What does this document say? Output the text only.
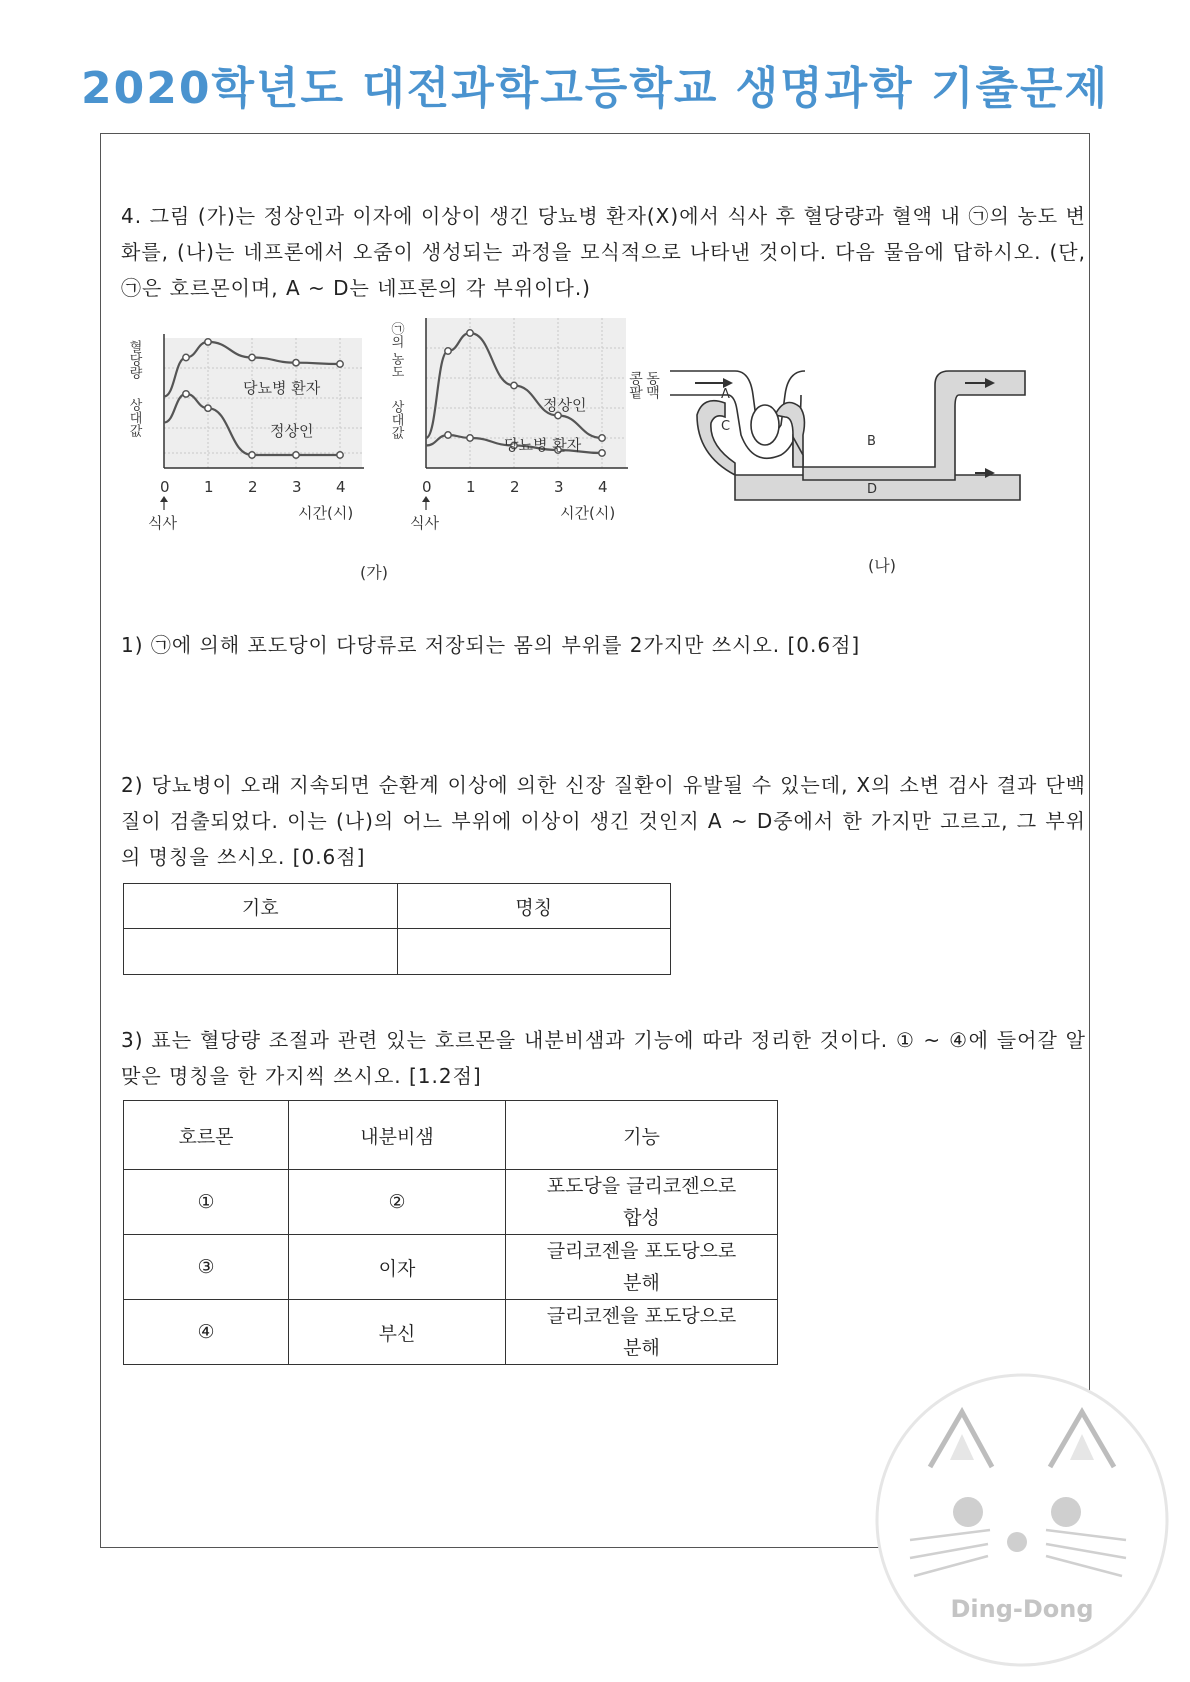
2020학년도 대전과학고등학교 생명과학 기출문제
4. 그림 (가)는 정상인과 이자에 이상이 생긴 당뇨병 환자(X)에서 식사 후 혈당량과 혈액 내 ㉠의 농도 변화를, (나)는 네프론에서 오줌이 생성되는 과정을 모식적으로 나타낸 것이다. 다음 물음에 답하시오. (단, ㉠은 호르몬이며, A ~ D는 네프론의 각 부위이다.)
당뇨병 환자
정상인
혈당량
상대값
0 1 2 3 4
식사
시간(시)
정상인
당뇨병 환자
㉠의 농도
상대값
0 1 2 3 4
식사
시간(시)
(가)
콩팥 동맥
콩팥 동맥
A
B
C
D
(나)
1) ㉠에 의해 포도당이 다당류로 저장되는 몸의 부위를 2가지만 쓰시오. [0.6점]
2) 당뇨병이 오래 지속되면 순환계 이상에 의한 신장 질환이 유발될 수 있는데, X의 소변 검사 결과 단백질이 검출되었다. 이는 (나)의 어느 부위에 이상이 생긴 것인지 A ~ D중에서 한 가지만 고르고, 그 부위의 명칭을 쓰시오. [0.6점]
기호	명칭

3) 표는 혈당량 조절과 관련 있는 호르몬을 내분비샘과 기능에 따라 정리한 것이다. ① ~ ④에 들어갈 알맞은 명칭을 한 가지씩 쓰시오. [1.2점]
호르몬	내분비샘	기능
①	②	포도당을 글리코젠으로 합성
③	이자	글리코젠을 포도당으로 분해
④	부신	글리코젠을 포도당으로 분해
Ding-Dong
